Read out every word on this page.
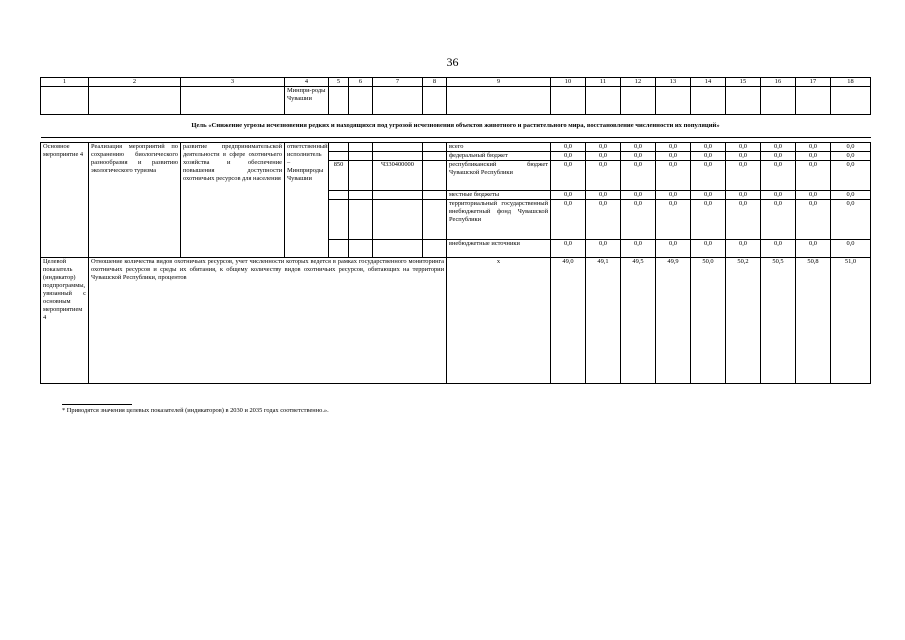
36
1	2	3	4	5	6	7	8	9	10	11	12	13	14	15	16	17	18
			Минпри-роды Чувашии														
Цель «Снижение угрозы исчезновения редких и находящихся под угрозой исчезновения объектов животного и растительного мира, восстановление численности их популяций»																	

Основное мероприятие 4	Реализация мероприятий по сохранению биологического разнообразия и развитию экологического туризма	развитие предпринимательской деятельности в сфере охотничьего хозяйства и обеспечение повышения доступности охотничьих ресурсов для населения	ответственный исполнитель – Минприроды Чувашии					всего	0,0	0,0	0,0	0,0	0,0	0,0	0,0	0,0	0,0
								федеральный бюджет	0,0	0,0	0,0	0,0	0,0	0,0	0,0	0,0	0,0
				850		Ч330400000		республиканский бюджет Чувашской Республики	0,0	0,0	0,0	0,0	0,0	0,0	0,0	0,0	0,0
								местные бюджеты	0,0	0,0	0,0	0,0	0,0	0,0	0,0	0,0	0,0
								территориальный государственный внебюджетный фонд Чувашской Республики	0,0	0,0	0,0	0,0	0,0	0,0	0,0	0,0	0,0
								внебюджетные источники	0,0	0,0	0,0	0,0	0,0	0,0	0,0	0,0	0,0
Целевой показатель (индикатор) подпрограммы, увязанный с основным мероприятием 4	Отношение количества видов охотничьих ресурсов, учет численности которых ведется в рамках государственного мониторинга охотничьих ресурсов и среды их обитания, к общему количеству видов охотничьих ресурсов, обитающих на территории Чувашской Республики, процентов							х	49,0	49,1	49,5	49,9	50,0	50,2	50,5	50,8	51,0
* Приводятся значения целевых показателей (индикаторов) в 2030 и 2035 годах соответственно.».
